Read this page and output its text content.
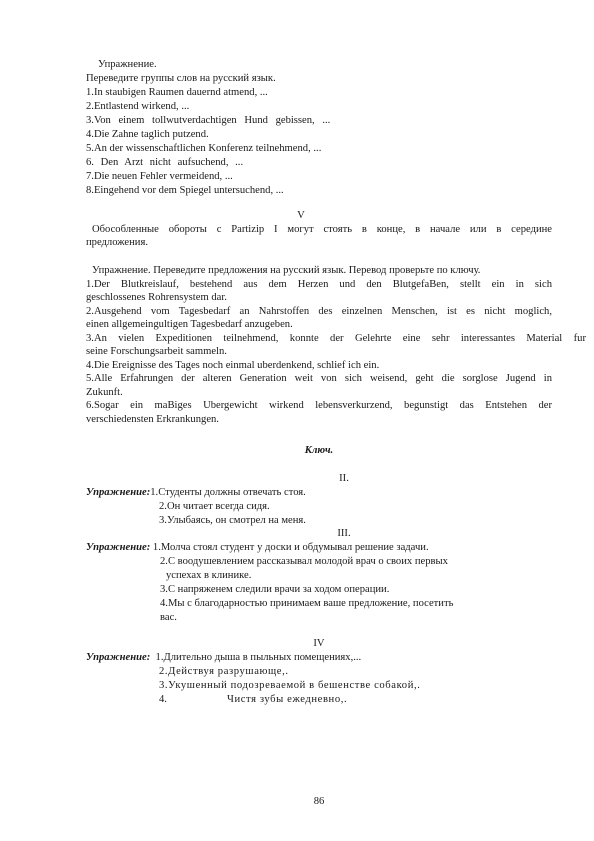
Упражнение.
Переведите группы слов на русский язык.
1.In staubigen Raumen dauernd atmend, ...
2.Entlastend wirkend, ...
3.Von einem tollwutverdachtigen Hund gebissen, ...
4.Die Zahne taglich putzend.
5.An der wissenschaftlichen Konferenz teilnehmend, ...
6. Den Arzt nicht aufsuchend, ...
7.Die neuen Fehler vermeidend, ...
8.Eingehend vor dem Spiegel untersuchend, ...
V
Обособленные обороты с Partizip I могут стоять в конце, в начале или в середине
предложения.
Упражнение. Переведите предложения на русский язык. Перевод проверьте по ключу.
1.Der Blutkreislauf, bestehend aus dem Herzen und den BlutgefaBen, stellt ein in sich
geschlossenes Rohrensystem dar.
2.Ausgehend vom Tagesbedarf an Nahrstoffen des einzelnen Menschen, ist es nicht moglich,
einen allgemeingultigen Tagesbedarf anzugeben.
3.An vielen Expeditionen teilnehmend, konnte der Gelehrte eine sehr interessantes Material fur
seine Forschungsarbeit sammeln.
4.Die Ereignisse des Tages noch einmal uberdenkend, schlief ich ein.
5.Alle Erfahrungen der alteren Generation weit von sich weisend, geht die sorglose Jugend in
Zukunft.
6.Sogar ein maBiges Ubergewicht wirkend lebensverkurzend, begunstigt das Entstehen der
verschiedensten Erkrankungen.
Ключ.
II.
Упражнение:1.Студенты должны отвечать стоя.
2.Он читает всегда сидя.
3.Улыбаясь, он смотрел на меня.
III.
Упражнение: 1.Молча стоял студент у доски и обдумывал решение задачи.
2.С воодушевлением рассказывал молодой врач о своих первых
успехах в клинике.
3.С напряженем следили врачи за ходом операции.
4.Мы с благодарностью принимаем ваше предложение, посетить
вас.
IV
Упражнение:  1.Длительно дыша в пыльных помещениях,...
2.Действуя разрушающе,.
3.Укушенный подозреваемой в бешенстве собакой,.
4.	Чистя зубы ежедневно,.
86
